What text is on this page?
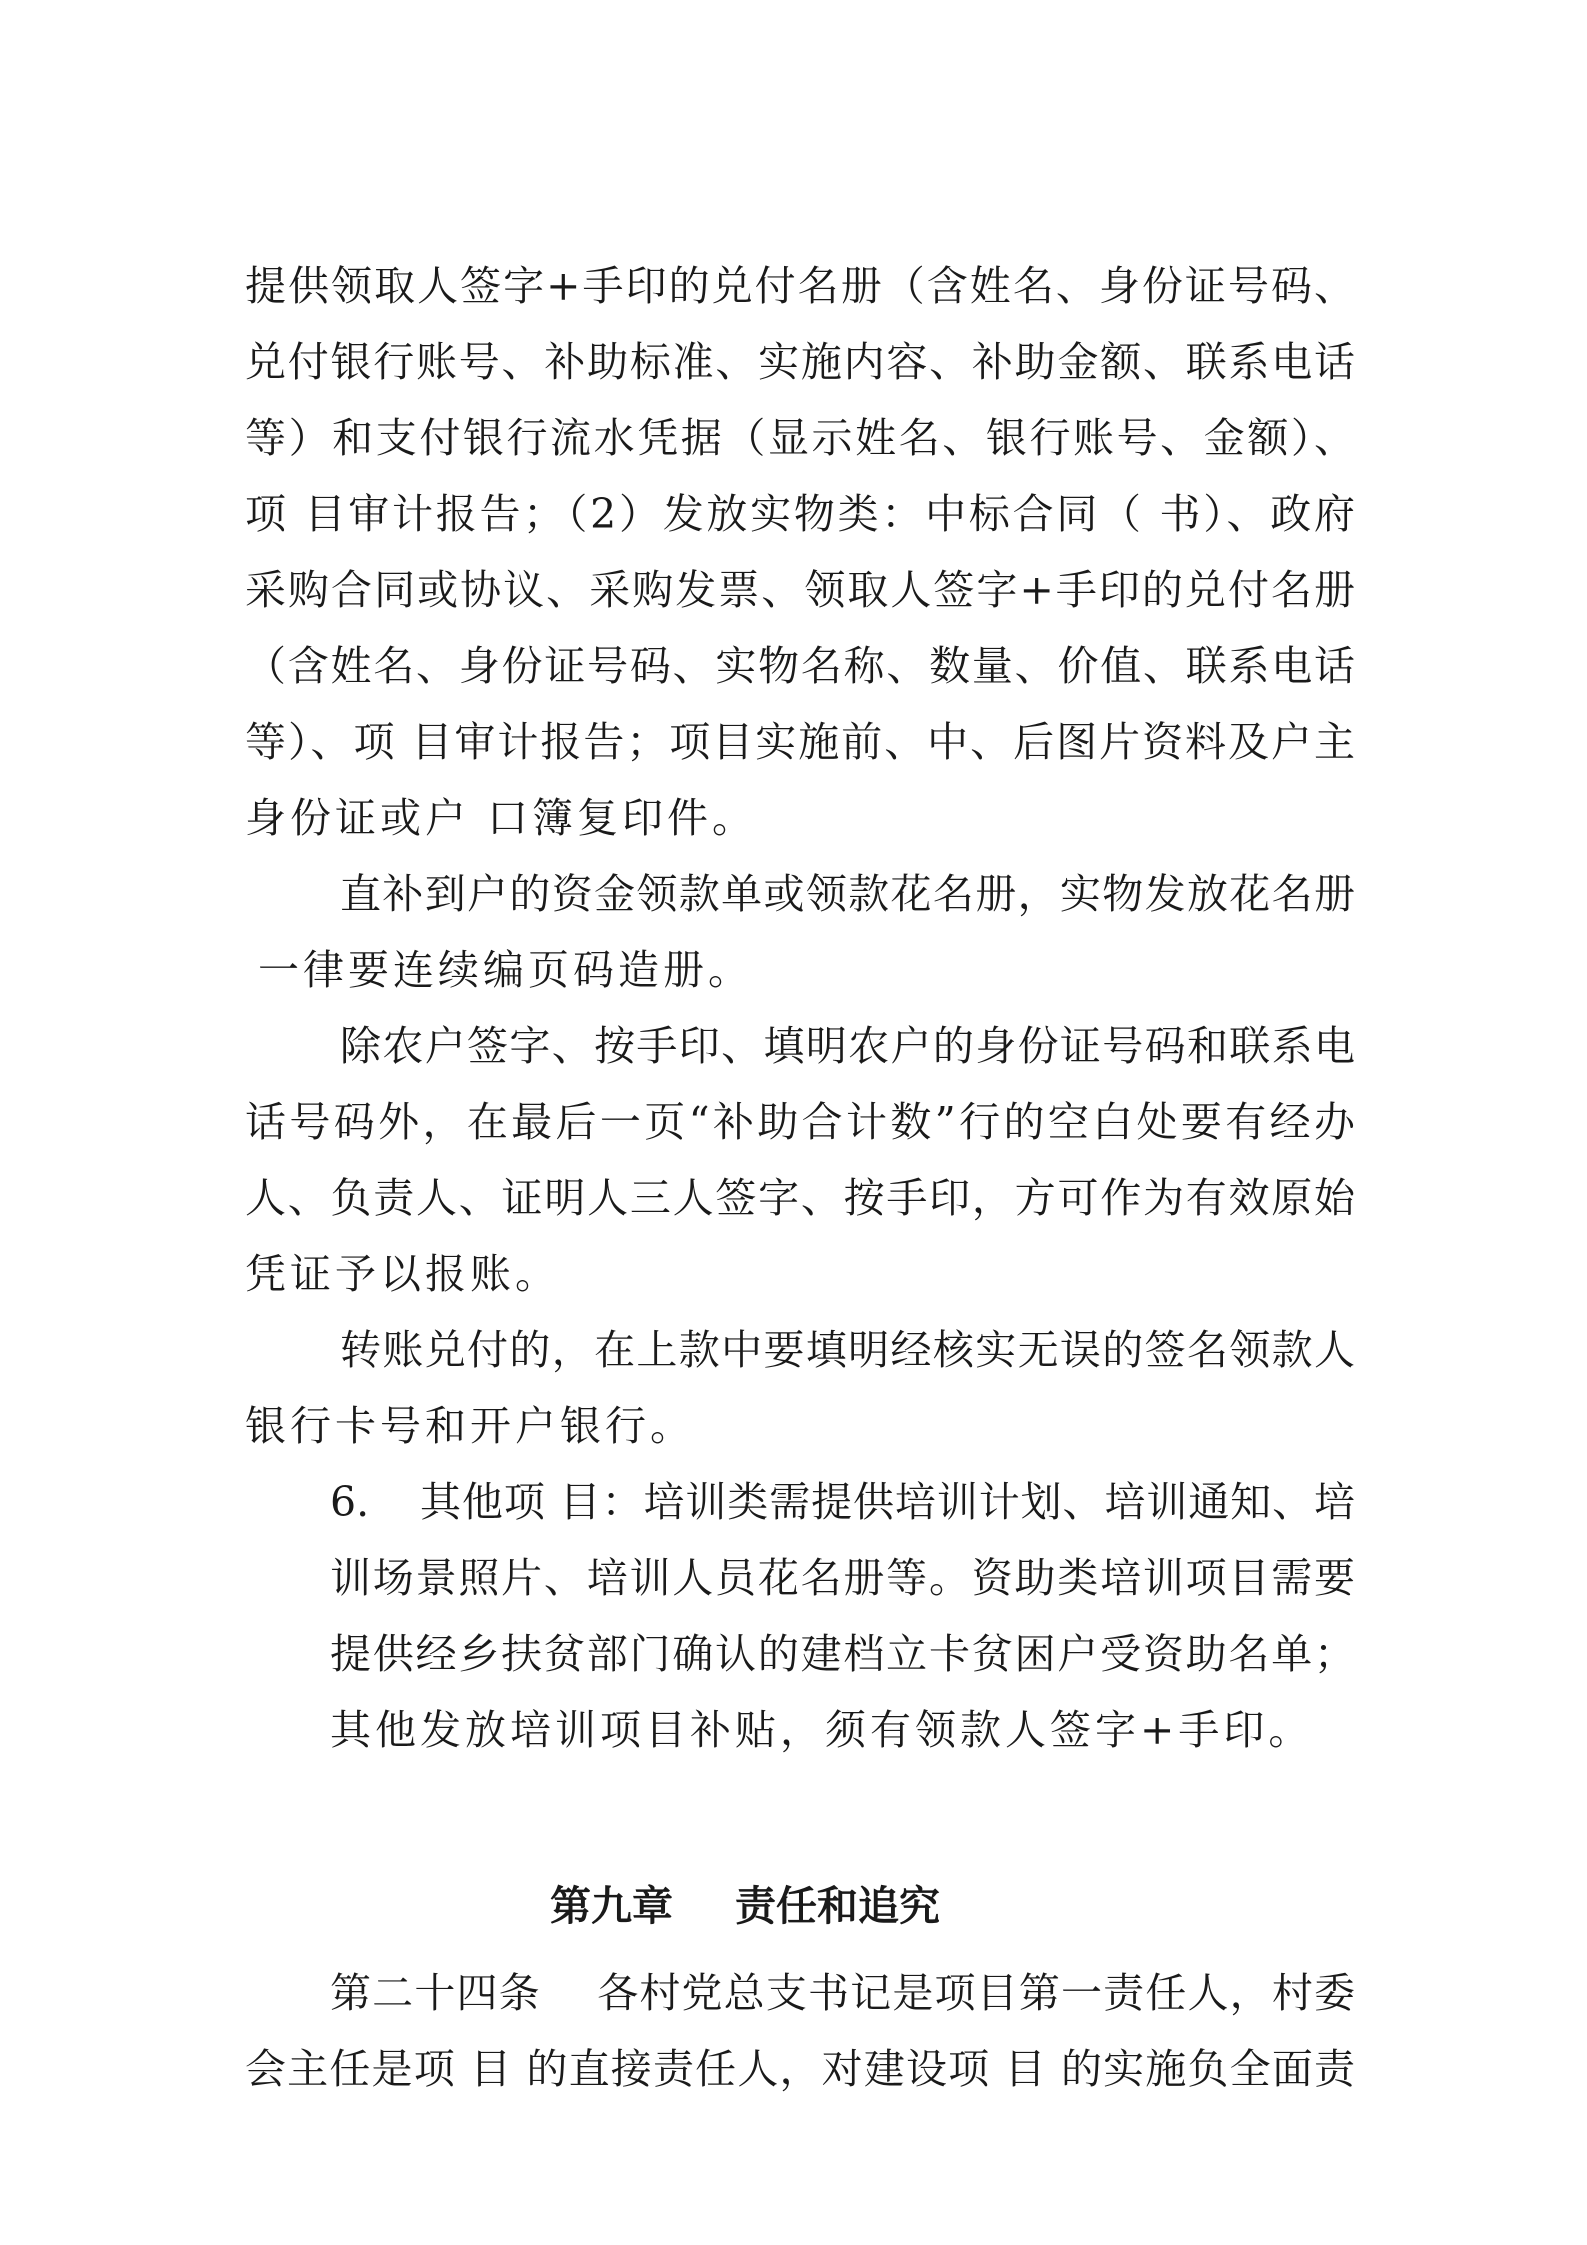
提供领取人签字+手印的兑付名册（含姓名、身份证号码、
兑付银行账号、补助标准、实施内容、补助金额、联系电话
等）和支付银行流水凭据（显示姓名、银行账号、金额）、
项 目审计报告；（2）发放实物类：中标合同（ 书）、政府
采购合同或协议、采购发票、领取人签字+手印的兑付名册
（含姓名、身份证号码、实物名称、数量、价值、联系电话
等）、项 目审计报告；项目实施前、中、后图片资料及户主
身份证或户 口簿复印件。
直补到户的资金领款单或领款花名册，实物发放花名册
一律要连续编页码造册。
除农户签字、按手印、填明农户的身份证号码和联系电
话号码外，在最后一页“补助合计数”行的空白处要有经办
人、负责人、证明人三人签字、按手印，方可作为有效原始
凭证予以报账。
转账兑付的，在上款中要填明经核实无误的签名领款人
银行卡号和开户银行。
6. 其他项 目：培训类需提供培训计划、培训通知、培
训场景照片、培训人员花名册等。资助类培训项目需要
提供经乡扶贫部门确认的建档立卡贫困户受资助名单；
其他发放培训项目补贴，须有领款人签字+手印。
第九章 责任和追究
第二十四条　 各村党总支书记是项目第一责任人，村委
会主任是项 目 的直接责任人，对建设项 目 的实施负全面责
